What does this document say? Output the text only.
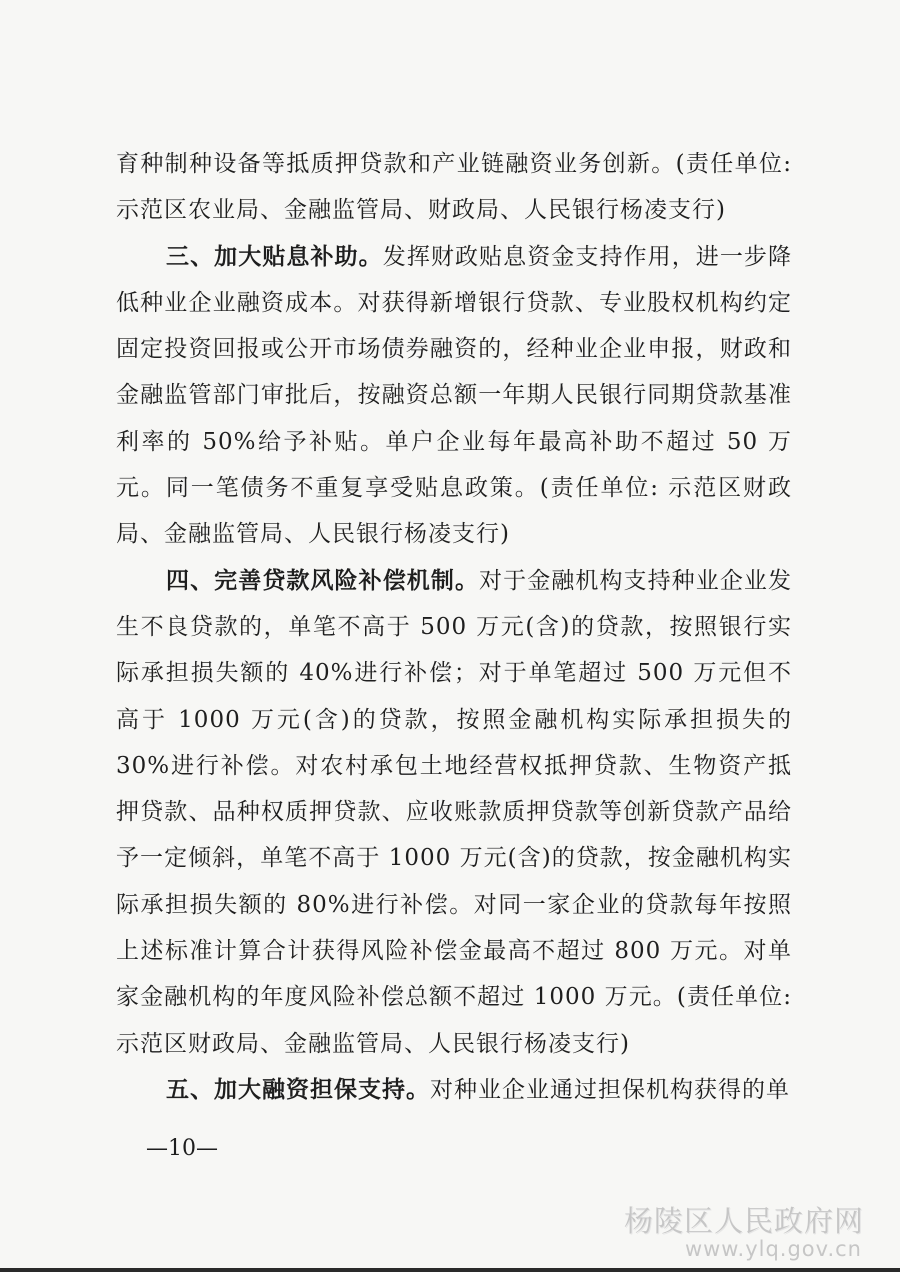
育种制种设备等抵质押贷款和产业链融资业务创新。(责任单位:示范区农业局、金融监管局、财政局、人民银行杨凌支行)

三、加大贴息补助。发挥财政贴息资金支持作用，进一步降低种业企业融资成本。对获得新增银行贷款、专业股权机构约定固定投资回报或公开市场债券融资的，经种业企业申报，财政和金融监管部门审批后，按融资总额一年期人民银行同期贷款基准利率的 50%给予补贴。单户企业每年最高补助不超过 50 万元。同一笔债务不重复享受贴息政策。(责任单位: 示范区财政局、金融监管局、人民银行杨凌支行)

四、完善贷款风险补偿机制。对于金融机构支持种业企业发生不良贷款的，单笔不高于 500 万元(含)的贷款，按照银行实际承担损失额的 40%进行补偿；对于单笔超过 500 万元但不高于 1000 万元(含)的贷款，按照金融机构实际承担损失的 30%进行补偿。对农村承包土地经营权抵押贷款、生物资产抵押贷款、品种权质押贷款、应收账款质押贷款等创新贷款产品给予一定倾斜，单笔不高于 1000 万元(含)的贷款，按金融机构实际承担损失额的 80%进行补偿。对同一家企业的贷款每年按照上述标准计算合计获得风险补偿金最高不超过 800 万元。对单家金融机构的年度风险补偿总额不超过 1000 万元。(责任单位: 示范区财政局、金融监管局、人民银行杨凌支行)

五、加大融资担保支持。对种业企业通过担保机构获得的单

—10—
杨陵区人民政府网
www.ylq.gov.cn
